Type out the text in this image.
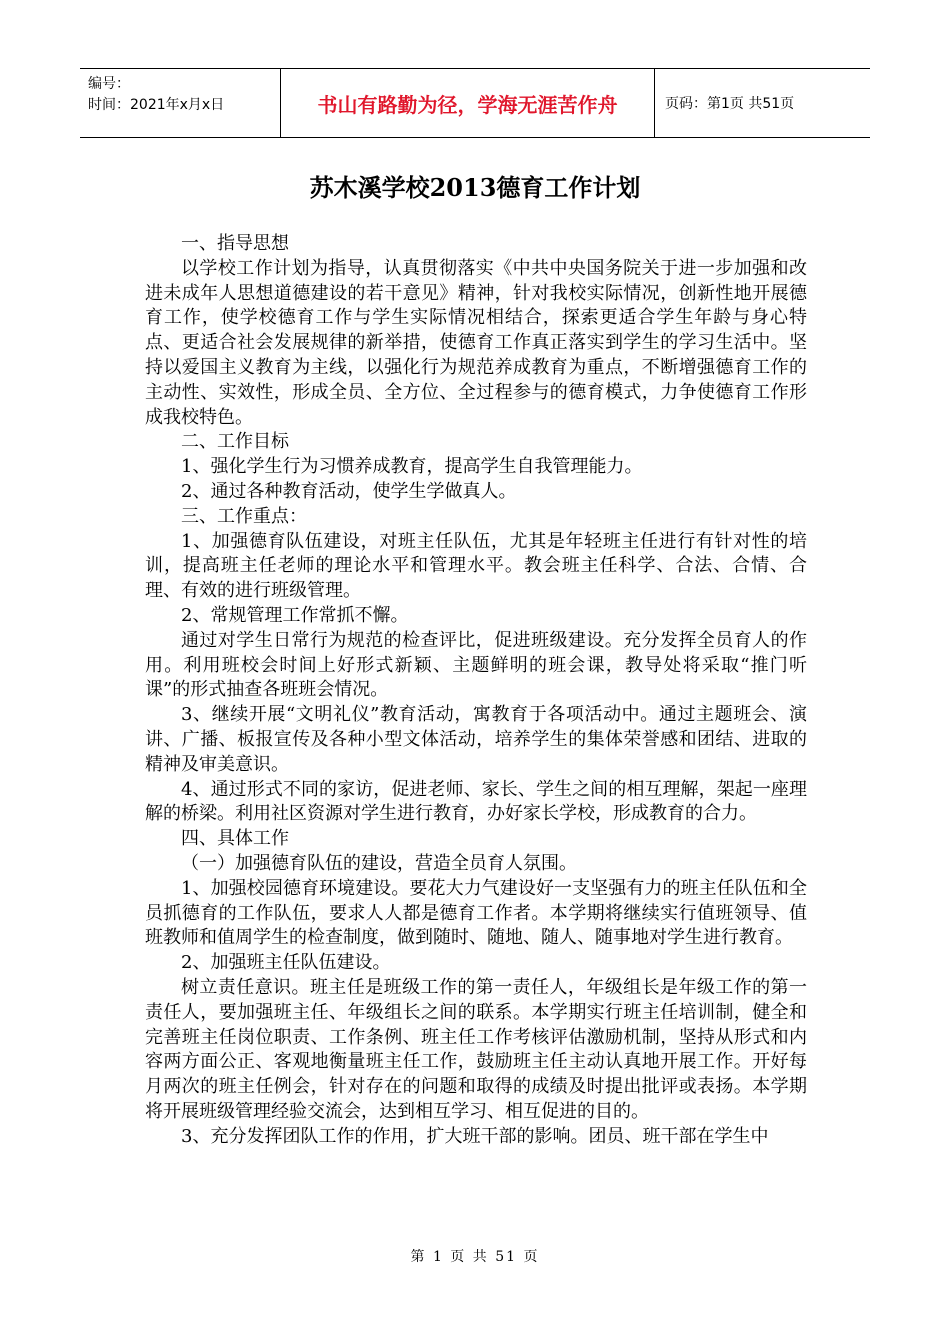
编号：
时间：2021年x月x日	书山有路勤为径，学海无涯苦作舟	页码：第1页 共51页
苏木溪学校2013德育工作计划

一、指导思想

以学校工作计划为指导，认真贯彻落实《中共中央国务院关于进一步加强和改进未成年人思想道德建设的若干意见》精神，针对我校实际情况，创新性地开展德育工作，使学校德育工作与学生实际情况相结合，探索更适合学生年龄与身心特点、更适合社会发展规律的新举措，使德育工作真正落实到学生的学习生活中。坚持以爱国主义教育为主线，以强化行为规范养成教育为重点，不断增强德育工作的主动性、实效性，形成全员、全方位、全过程参与的德育模式，力争使德育工作形成我校特色。

二、工作目标

1、强化学生行为习惯养成教育，提高学生自我管理能力。

2、通过各种教育活动，使学生学做真人。

三、工作重点：

1、加强德育队伍建设，对班主任队伍，尤其是年轻班主任进行有针对性的培训，提高班主任老师的理论水平和管理水平。教会班主任科学、合法、合情、合理、有效的进行班级管理。

2、常规管理工作常抓不懈。

通过对学生日常行为规范的检查评比，促进班级建设。充分发挥全员育人的作用。利用班校会时间上好形式新颖、主题鲜明的班会课，教导处将采取“推门听课”的形式抽查各班班会情况。

3、继续开展“文明礼仪”教育活动，寓教育于各项活动中。通过主题班会、演讲、广播、板报宣传及各种小型文体活动，培养学生的集体荣誉感和团结、进取的精神及审美意识。

4、通过形式不同的家访，促进老师、家长、学生之间的相互理解，架起一座理解的桥梁。利用社区资源对学生进行教育，办好家长学校，形成教育的合力。

四、具体工作

（一）加强德育队伍的建设，营造全员育人氛围。

1、加强校园德育环境建设。要花大力气建设好一支坚强有力的班主任队伍和全员抓德育的工作队伍，要求人人都是德育工作者。本学期将继续实行值班领导、值班教师和值周学生的检查制度，做到随时、随地、随人、随事地对学生进行教育。

2、加强班主任队伍建设。

树立责任意识。班主任是班级工作的第一责任人，年级组长是年级工作的第一责任人，要加强班主任、年级组长之间的联系。本学期实行班主任培训制，健全和完善班主任岗位职责、工作条例、班主任工作考核评估激励机制，坚持从形式和内容两方面公正、客观地衡量班主任工作，鼓励班主任主动认真地开展工作。开好每月两次的班主任例会，针对存在的问题和取得的成绩及时提出批评或表扬。本学期将开展班级管理经验交流会，达到相互学习、相互促进的目的。

3、充分发挥团队工作的作用，扩大班干部的影响。团员、班干部在学生中

第 1 页 共 51 页
